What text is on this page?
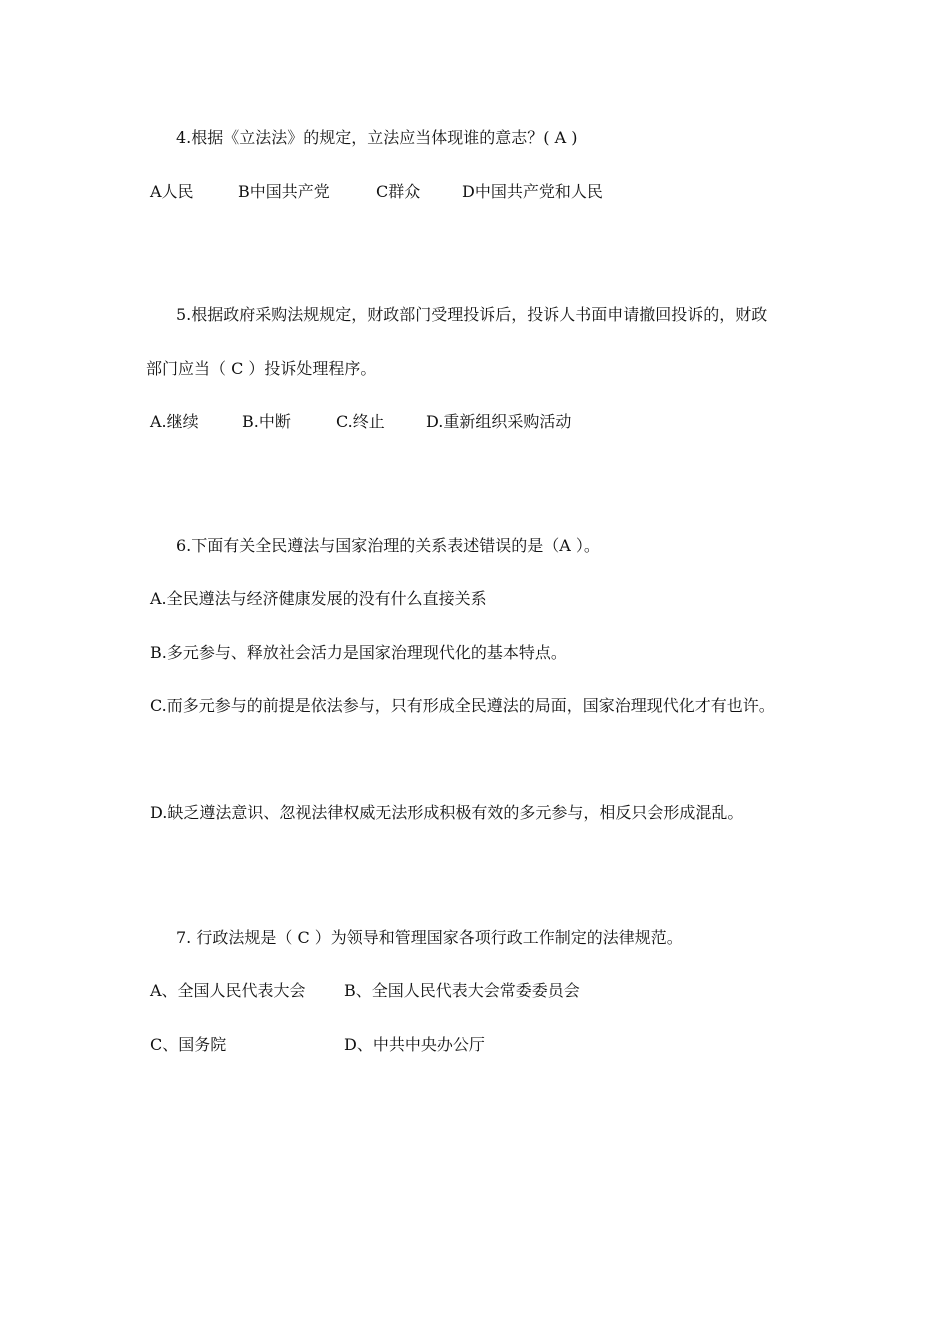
4.根据《立法法》的规定，立法应当体现谁的意志？( A )
A人民	B中国共产党	C群众	D中国共产党和人民
5.根据政府采购法规规定，财政部门受理投诉后，投诉人书面申请撤回投诉的，财政
部门应当（ C ）投诉处理程序。
A.继续	B.中断	C.终止	D.重新组织采购活动
6.下面有关全民遵法与国家治理的关系表述错误的是（A ）。
A.全民遵法与经济健康发展的没有什么直接关系
B.多元参与、释放社会活力是国家治理现代化的基本特点。
C.而多元参与的前提是依法参与，只有形成全民遵法的局面，国家治理现代化才有也许。
D.缺乏遵法意识、忽视法律权威无法形成积极有效的多元参与，相反只会形成混乱。
7. 行政法规是（ C ）为领导和管理国家各项行政工作制定的法律规范。
A、全国人民代表大会 B、全国人民代表大会常委委员会
C、国务院	D、中共中央办公厅
